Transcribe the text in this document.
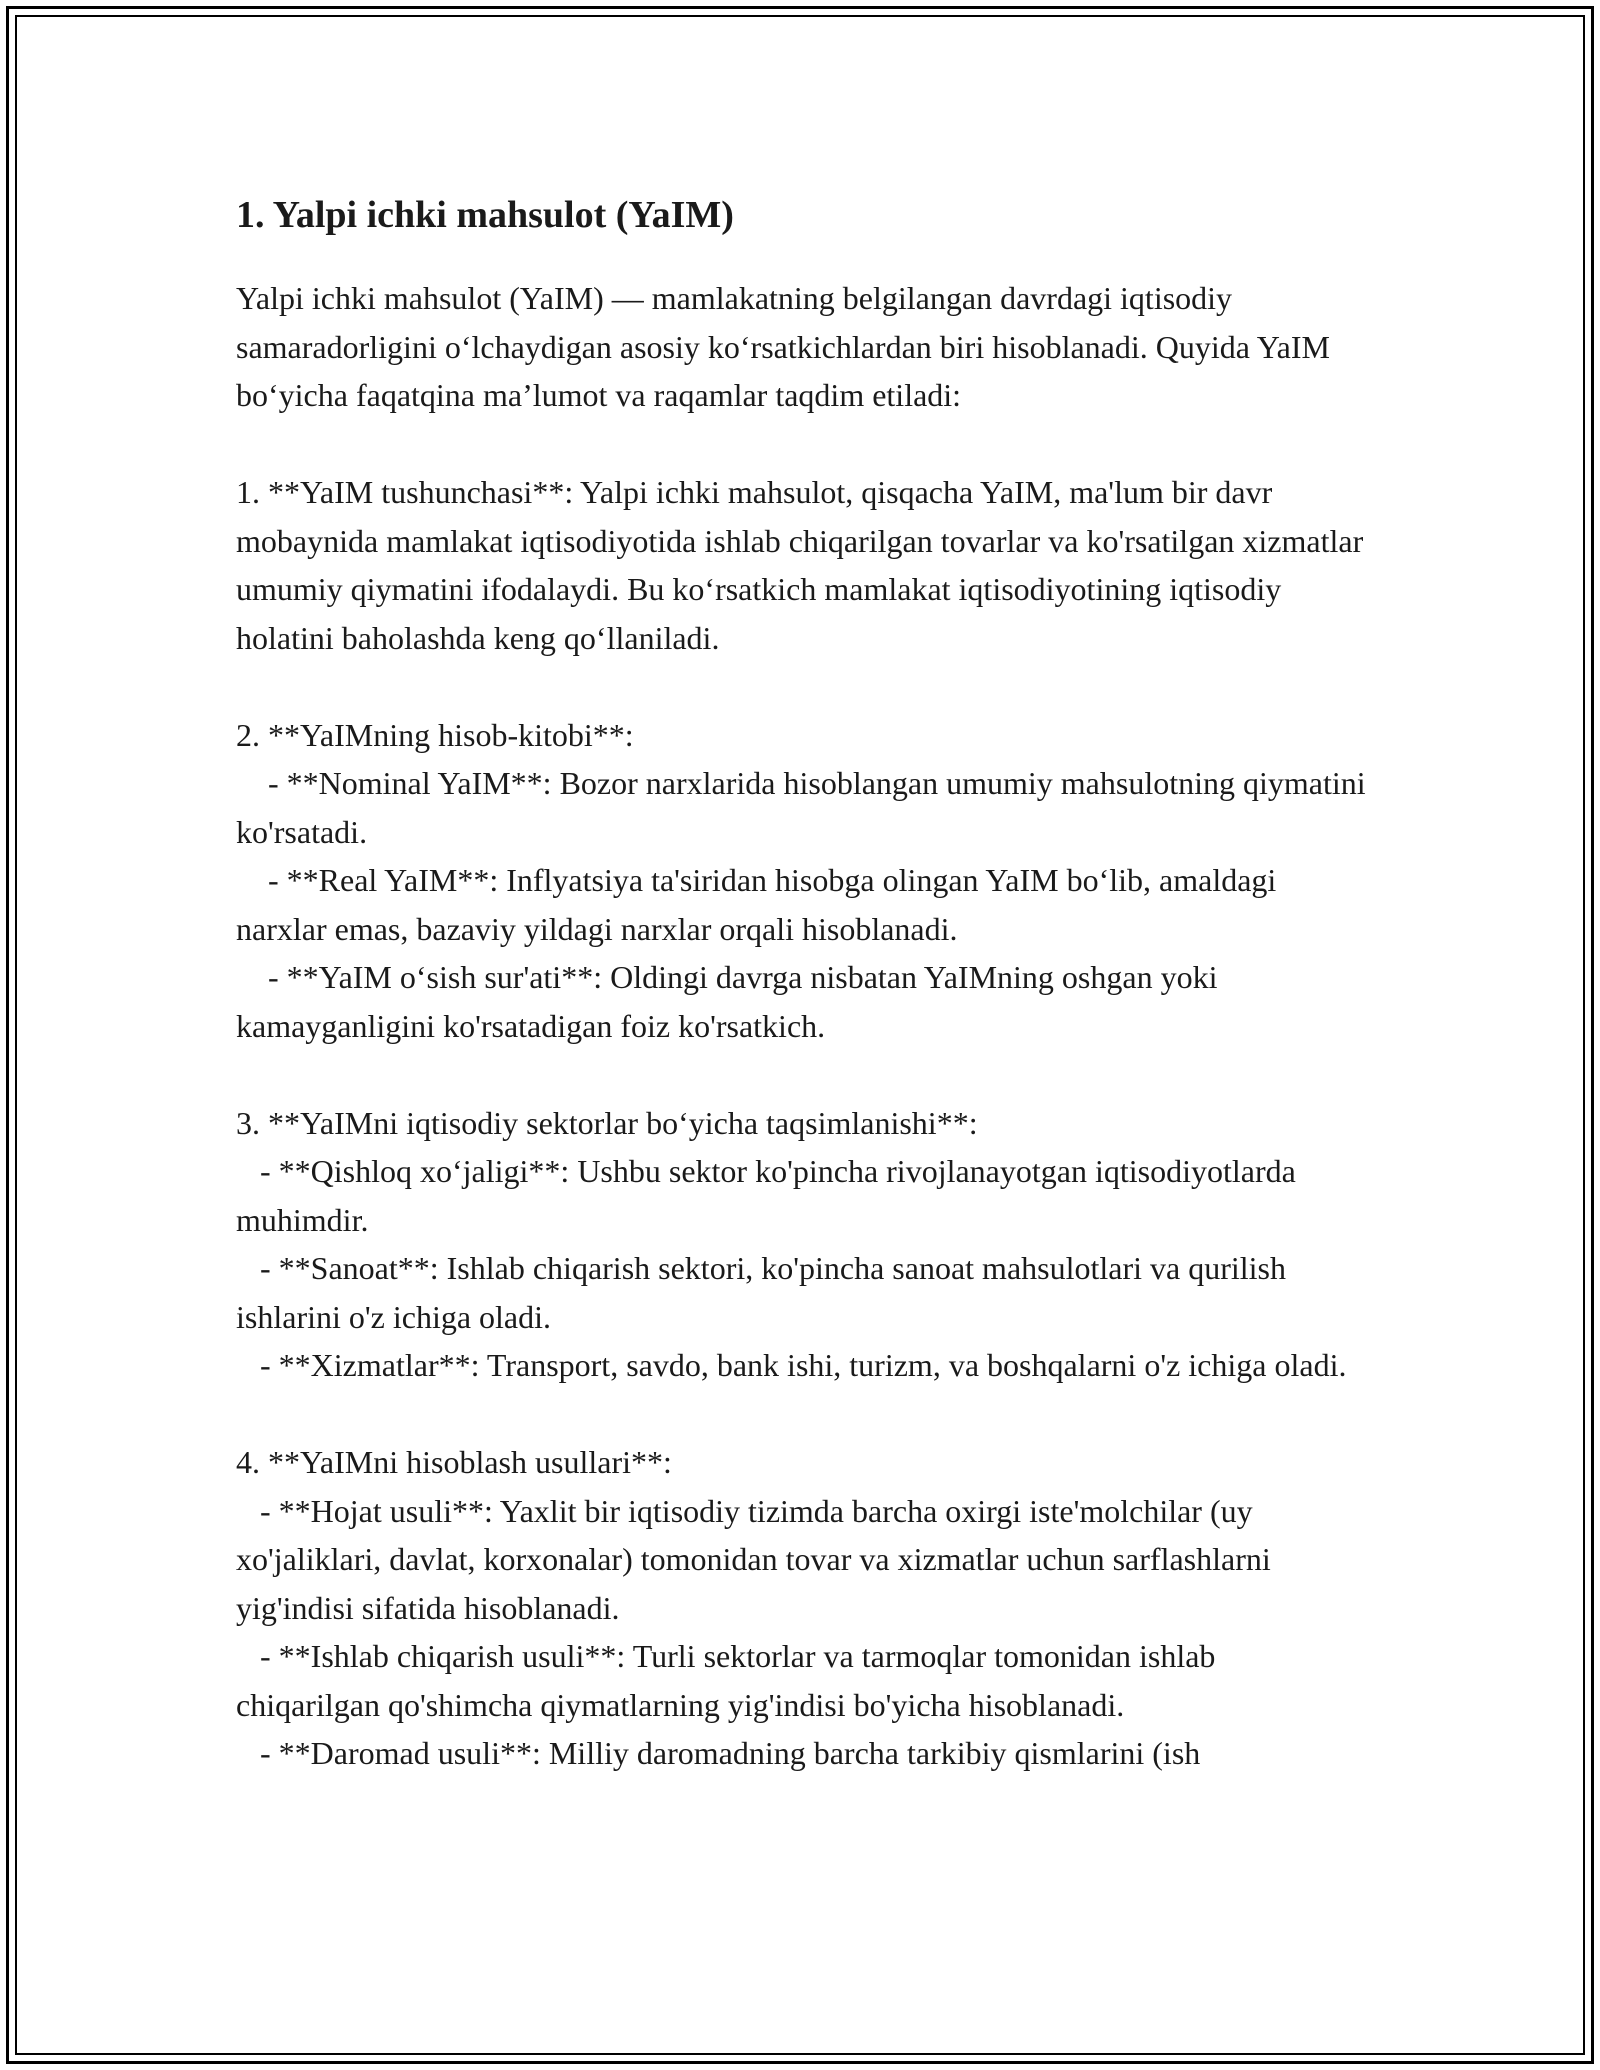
1. Yalpi ichki mahsulot (YaIM)

Yalpi ichki mahsulot (YaIM) — mamlakatning belgilangan davrdagi iqtisodiy samaradorligini o‘lchaydigan asosiy ko‘rsatkichlardan biri hisoblanadi. Quyida YaIM bo‘yicha faqatqina ma’lumot va raqamlar taqdim etiladi:

1. **YaIM tushunchasi**: Yalpi ichki mahsulot, qisqacha YaIM, ma'lum bir davr mobaynida mamlakat iqtisodiyotida ishlab chiqarilgan tovarlar va ko'rsatilgan xizmatlar umumiy qiymatini ifodalaydi. Bu ko‘rsatkich mamlakat iqtisodiyotining iqtisodiy holatini baholashda keng qo‘llaniladi.

2. **YaIMning hisob-kitobi**:

- **Nominal YaIM**: Bozor narxlarida hisoblangan umumiy mahsulotning qiymatini ko'rsatadi.

- **Real YaIM**: Inflyatsiya ta'siridan hisobga olingan YaIM bo‘lib, amaldagi narxlar emas, bazaviy yildagi narxlar orqali hisoblanadi.

- **YaIM o‘sish sur'ati**: Oldingi davrga nisbatan YaIMning oshgan yoki kamayganligini ko'rsatadigan foiz ko'rsatkich.

3. **YaIMni iqtisodiy sektorlar bo‘yicha taqsimlanishi**:

- **Qishloq xo‘jaligi**: Ushbu sektor ko'pincha rivojlanayotgan iqtisodiyotlarda muhimdir.

- **Sanoat**: Ishlab chiqarish sektori, ko'pincha sanoat mahsulotlari va qurilish ishlarini o'z ichiga oladi.

- **Xizmatlar**: Transport, savdo, bank ishi, turizm, va boshqalarni o'z ichiga oladi.

4. **YaIMni hisoblash usullari**:

- **Hojat usuli**: Yaxlit bir iqtisodiy tizimda barcha oxirgi iste'molchilar (uy xo'jaliklari, davlat, korxonalar) tomonidan tovar va xizmatlar uchun sarflashlarni yig'indisi sifatida hisoblanadi.

- **Ishlab chiqarish usuli**: Turli sektorlar va tarmoqlar tomonidan ishlab chiqarilgan qo'shimcha qiymatlarning yig'indisi bo'yicha hisoblanadi.

- **Daromad usuli**: Milliy daromadning barcha tarkibiy qismlarini (ish
